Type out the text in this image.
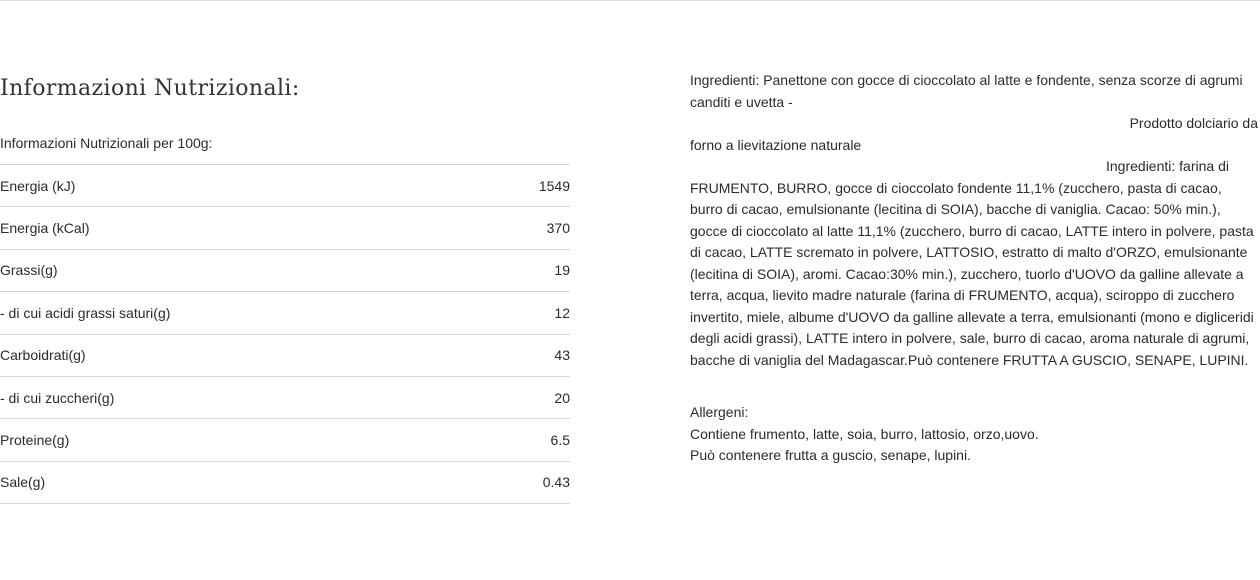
Informazioni Nutrizionali:
Informazioni Nutrizionali per 100g:
Energia (kJ)	1549
Energia (kCal)	370
Grassi(g)	19
- di cui acidi grassi saturi(g)	12
Carboidrati(g)	43
- di cui zuccheri(g)	20
Proteine(g)	6.5
Sale(g)	0.43

Ingredienti: Panettone con gocce di cioccolato al latte e fondente, senza scorze di agrumi canditi e uvetta -

Prodotto dolciario da

forno a lievitazione naturale

Ingredienti: farina di

FRUMENTO, BURRO, gocce di cioccolato fondente 11,1% (zucchero, pasta di cacao, burro di cacao, emulsionante (lecitina di SOIA), bacche di vaniglia. Cacao: 50% min.), gocce di cioccolato al latte 11,1% (zucchero, burro di cacao, LATTE intero in polvere, pasta di cacao, LATTE scremato in polvere, LATTOSIO, estratto di malto d'ORZO, emulsionante (lecitina di SOIA), aromi. Cacao:30% min.), zucchero, tuorlo d'UOVO da galline allevate a terra, acqua, lievito madre naturale (farina di FRUMENTO, acqua), sciroppo di zucchero invertito, miele, albume d'UOVO da galline allevate a terra, emulsionanti (mono e digliceridi degli acidi grassi), LATTE intero in polvere, sale, burro di cacao, aroma naturale di agrumi, bacche di vaniglia del Madagascar.Può contenere FRUTTA A GUSCIO, SENAPE, LUPINI.

Allergeni:

Contiene frumento, latte, soia, burro, lattosio, orzo,uovo.

Può contenere frutta a guscio, senape, lupini.
